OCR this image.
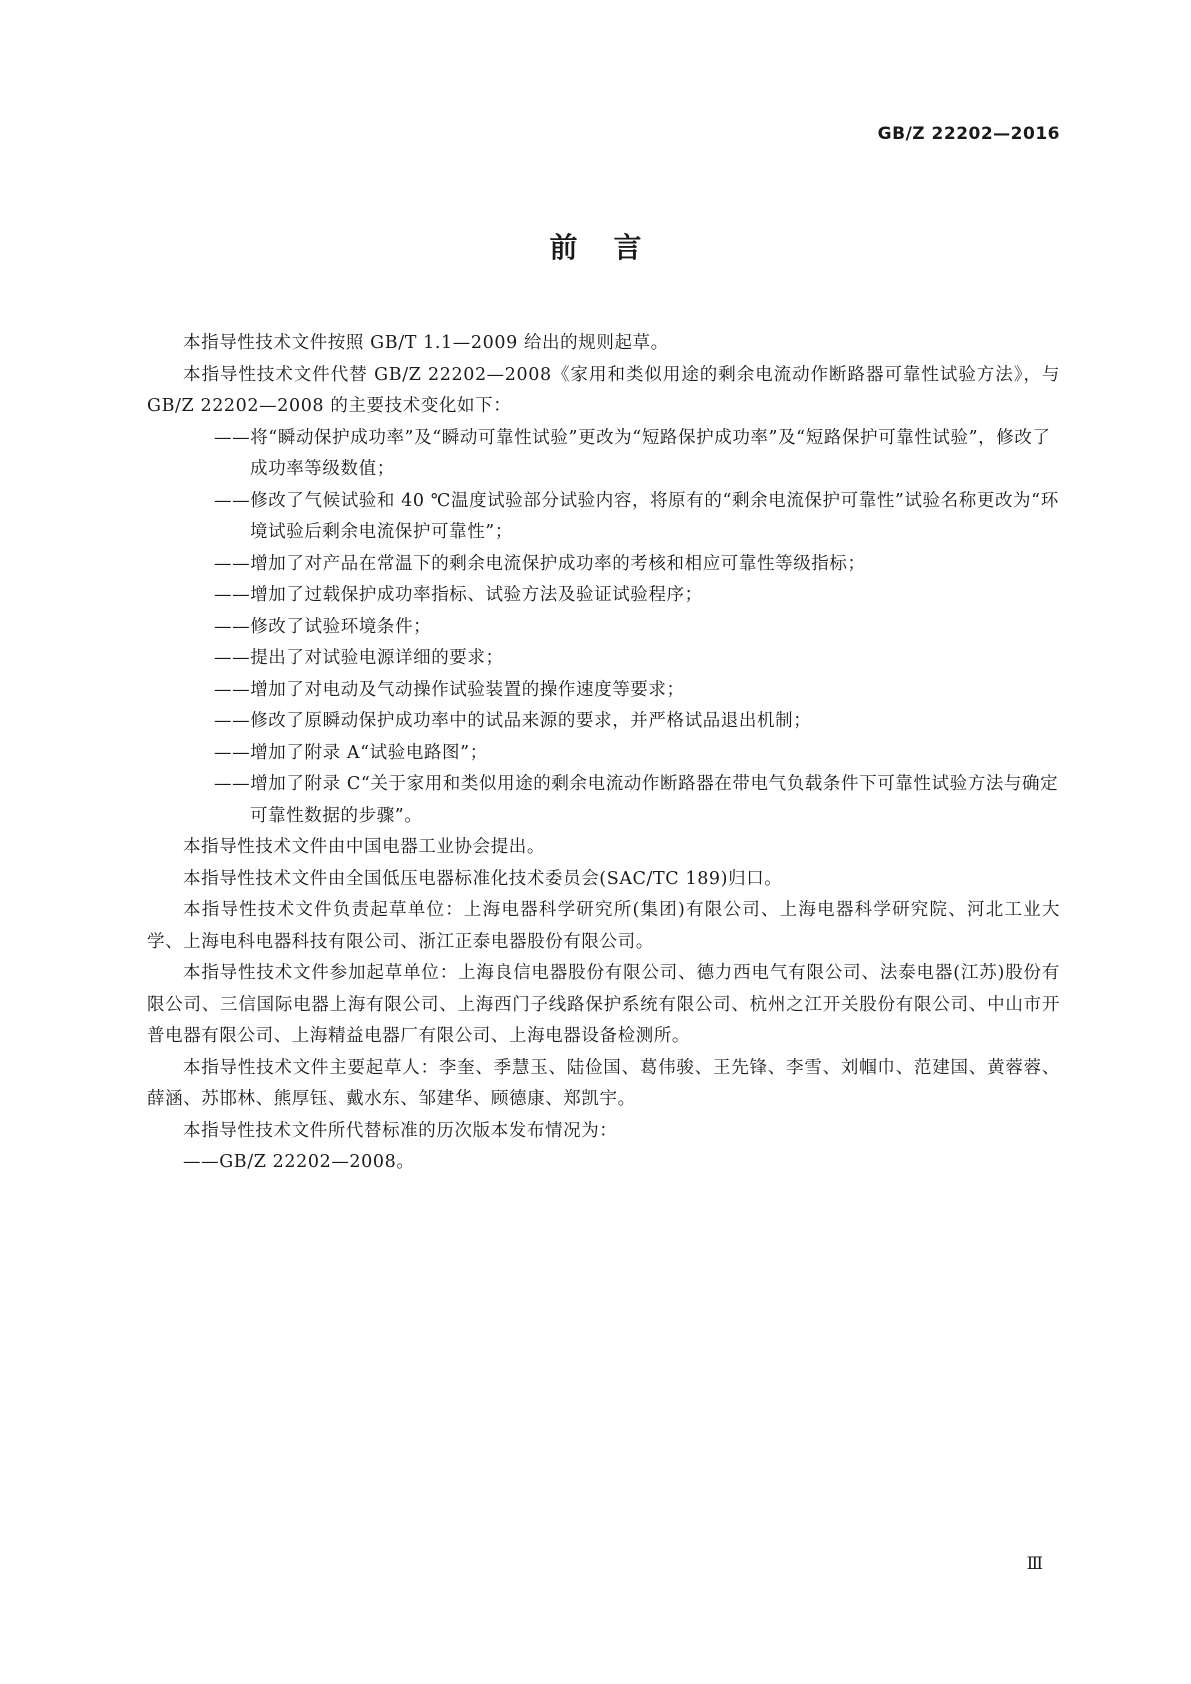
GB/Z 22202—2016
前言

本指导性技术文件按照 GB/T 1.1—2009 给出的规则起草。

本指导性技术文件代替 GB/Z 22202—2008《家用和类似用途的剩余电流动作断路器可靠性试验方法》，与 GB/Z 22202—2008 的主要技术变化如下：

——将“瞬动保护成功率”及“瞬动可靠性试验”更改为“短路保护成功率”及“短路保护可靠性试验”，修改了成功率等级数值；

——修改了气候试验和 40 ℃温度试验部分试验内容，将原有的“剩余电流保护可靠性”试验名称更改为“环境试验后剩余电流保护可靠性”；

——增加了对产品在常温下的剩余电流保护成功率的考核和相应可靠性等级指标；

——增加了过载保护成功率指标、试验方法及验证试验程序；

——修改了试验环境条件；

——提出了对试验电源详细的要求；

——增加了对电动及气动操作试验装置的操作速度等要求；

——修改了原瞬动保护成功率中的试品来源的要求，并严格试品退出机制；

——增加了附录 A“试验电路图”；

——增加了附录 C“关于家用和类似用途的剩余电流动作断路器在带电气负载条件下可靠性试验方法与确定可靠性数据的步骤”。

本指导性技术文件由中国电器工业协会提出。

本指导性技术文件由全国低压电器标准化技术委员会(SAC/TC 189)归口。

本指导性技术文件负责起草单位：上海电器科学研究所(集团)有限公司、上海电器科学研究院、河北工业大学、上海电科电器科技有限公司、浙江正泰电器股份有限公司。

本指导性技术文件参加起草单位：上海良信电器股份有限公司、德力西电气有限公司、法泰电器(江苏)股份有限公司、三信国际电器上海有限公司、上海西门子线路保护系统有限公司、杭州之江开关股份有限公司、中山市开普电器有限公司、上海精益电器厂有限公司、上海电器设备检测所。

本指导性技术文件主要起草人：李奎、季慧玉、陆俭国、葛伟骏、王先锋、李雪、刘帼巾、范建国、黄蓉蓉、薛涵、苏邯林、熊厚钰、戴水东、邹建华、顾德康、郑凯宇。

本指导性技术文件所代替标准的历次版本发布情况为：

——GB/Z 22202—2008。

Ⅲ
